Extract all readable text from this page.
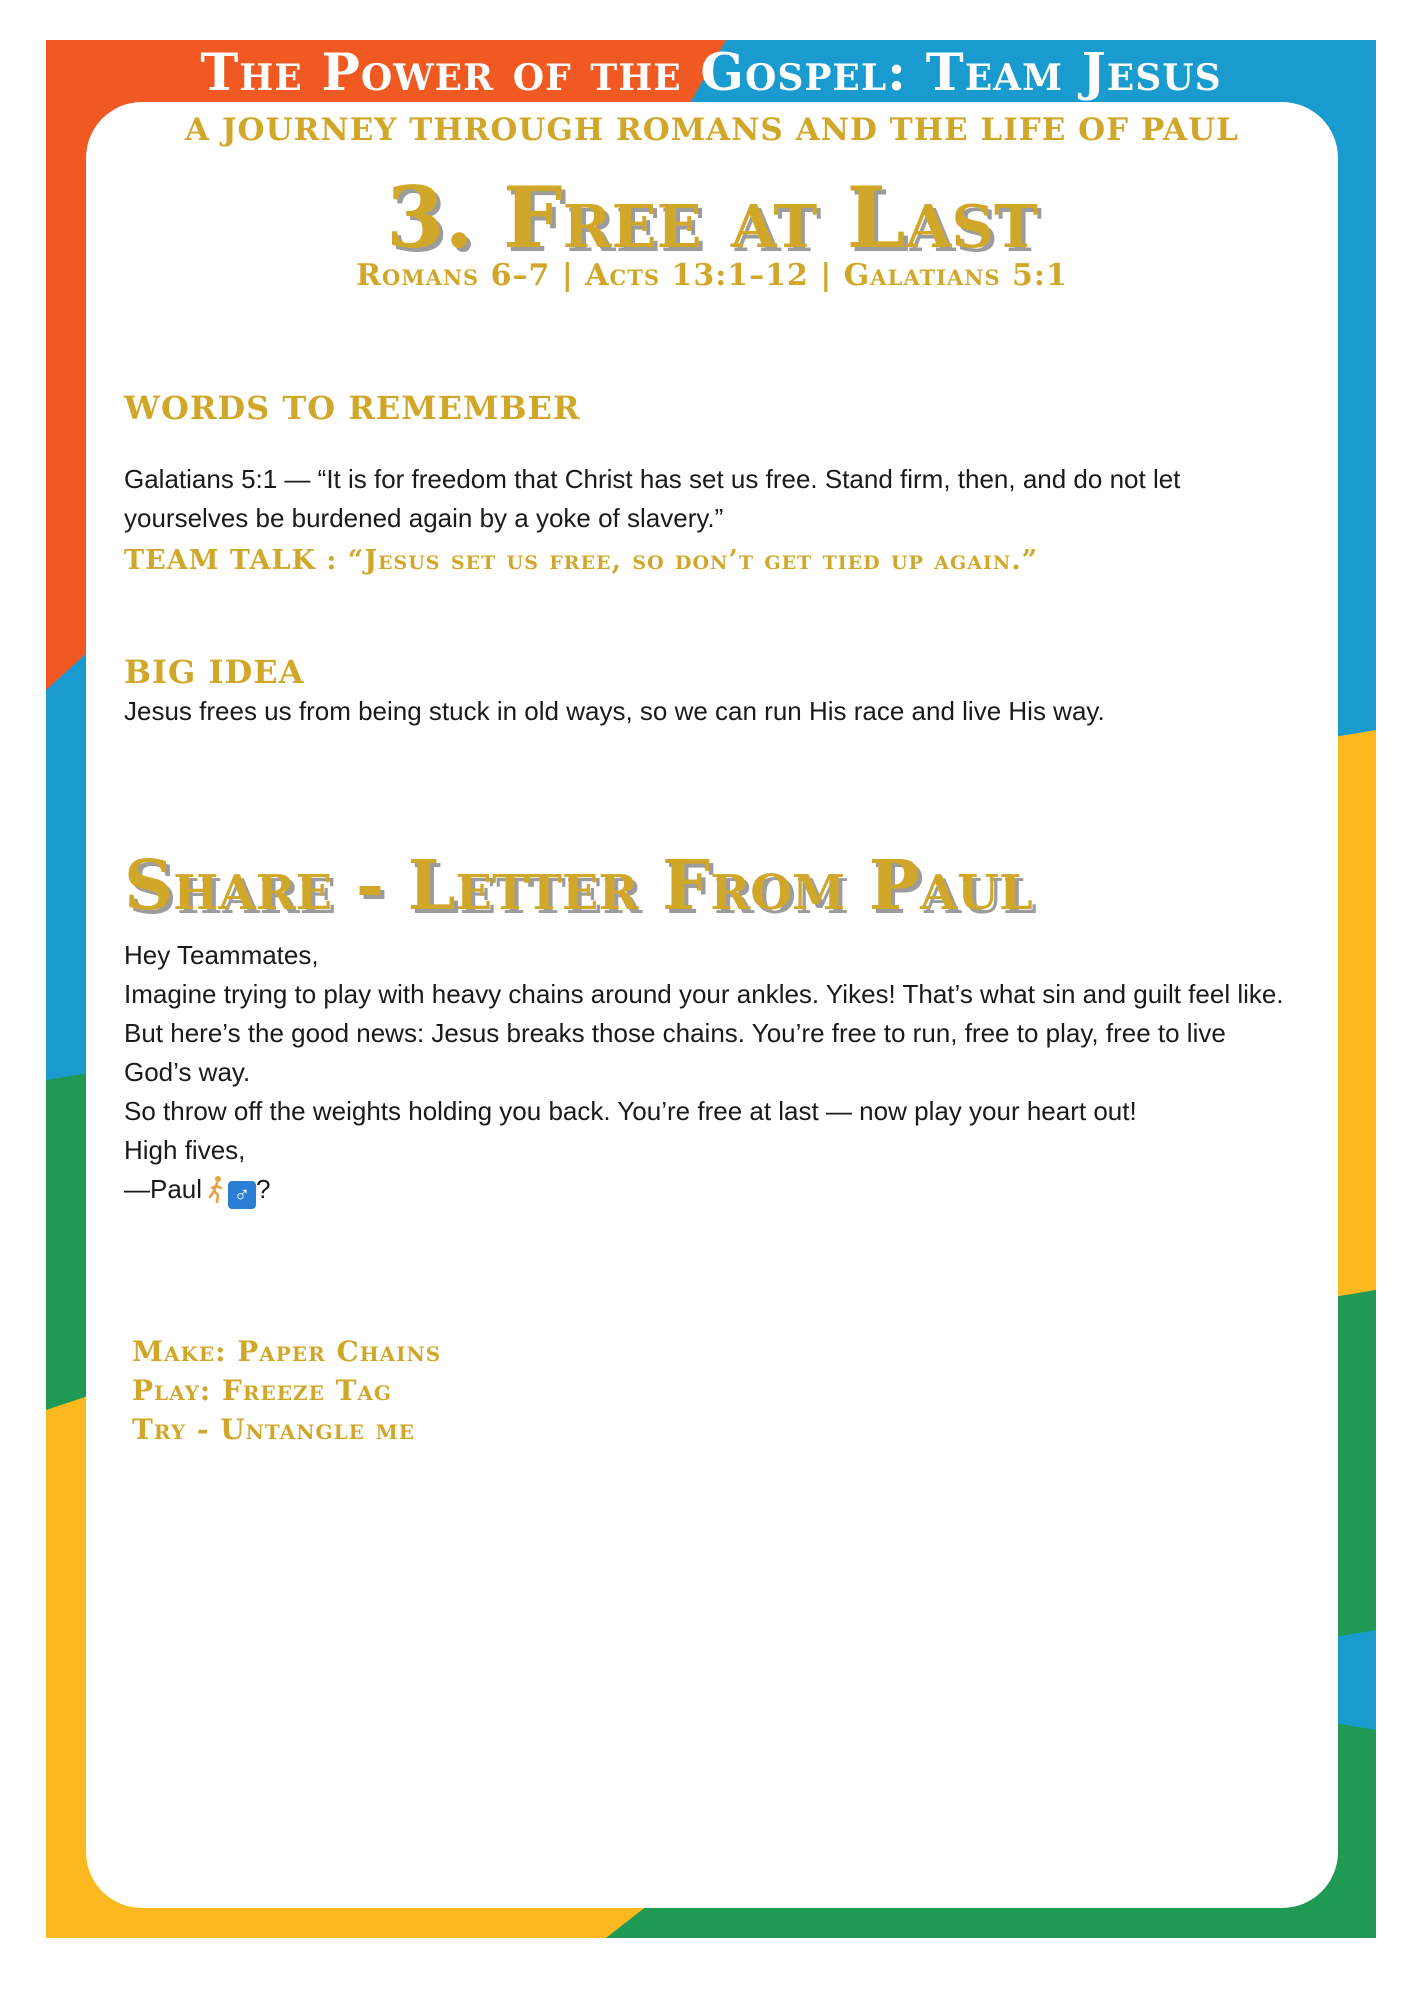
The Power of the Gospel: Team Jesus
A JOURNEY THROUGH ROMANS AND THE LIFE OF PAUL
3. Free at Last
Romans 6–7 | Acts 13:1–12 | Galatians 5:1
WORDS TO REMEMBER
Galatians 5:1 — “It is for freedom that Christ has set us free. Stand firm, then, and do not let yourselves be burdened again by a yoke of slavery.”
TEAM TALK : “Jesus set us free, so don’t get tied up again.”
BIG IDEA
Jesus frees us from being stuck in old ways, so we can run His race and live His way.
Share - Letter From Paul

Hey Teammates,

Imagine trying to play with heavy chains around your ankles. Yikes! That’s what sin and guilt feel like. But here’s the good news: Jesus breaks those chains. You’re free to run, free to play, free to live God’s way.

So throw off the weights holding you back. You’re free at last — now play your heart out!

High fives,

—Paul ♂ ?

Make: Paper Chains
Play: Freeze Tag
Try - Untangle me
